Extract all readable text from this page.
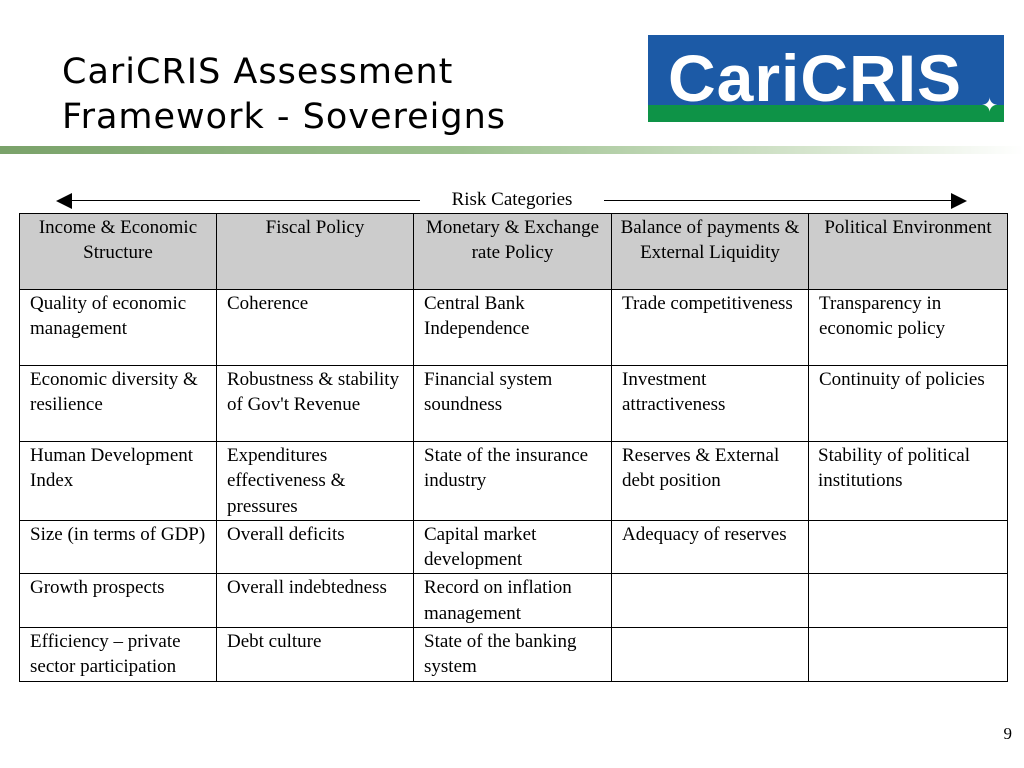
CariCRIS Assessment
Framework - Sovereigns
CariCRIS ✦
Risk Categories
Income & Economic Structure	Fiscal Policy	Monetary & Exchange rate Policy	Balance of payments & External Liquidity	Political Environment
Quality of economic management	Coherence	Central Bank Independence	Trade competitiveness	Transparency in economic policy
Economic diversity & resilience	Robustness & stability of Gov't Revenue	Financial system soundness	Investment attractiveness	Continuity of policies
Human Development Index	Expenditures effectiveness & pressures	State of the insurance industry	Reserves & External debt position	Stability of political institutions
Size (in terms of GDP)	Overall deficits	Capital market development	Adequacy of reserves	
Growth prospects	Overall indebtedness	Record on inflation management		
Efficiency – private sector participation	Debt culture	State of the banking system		
9
